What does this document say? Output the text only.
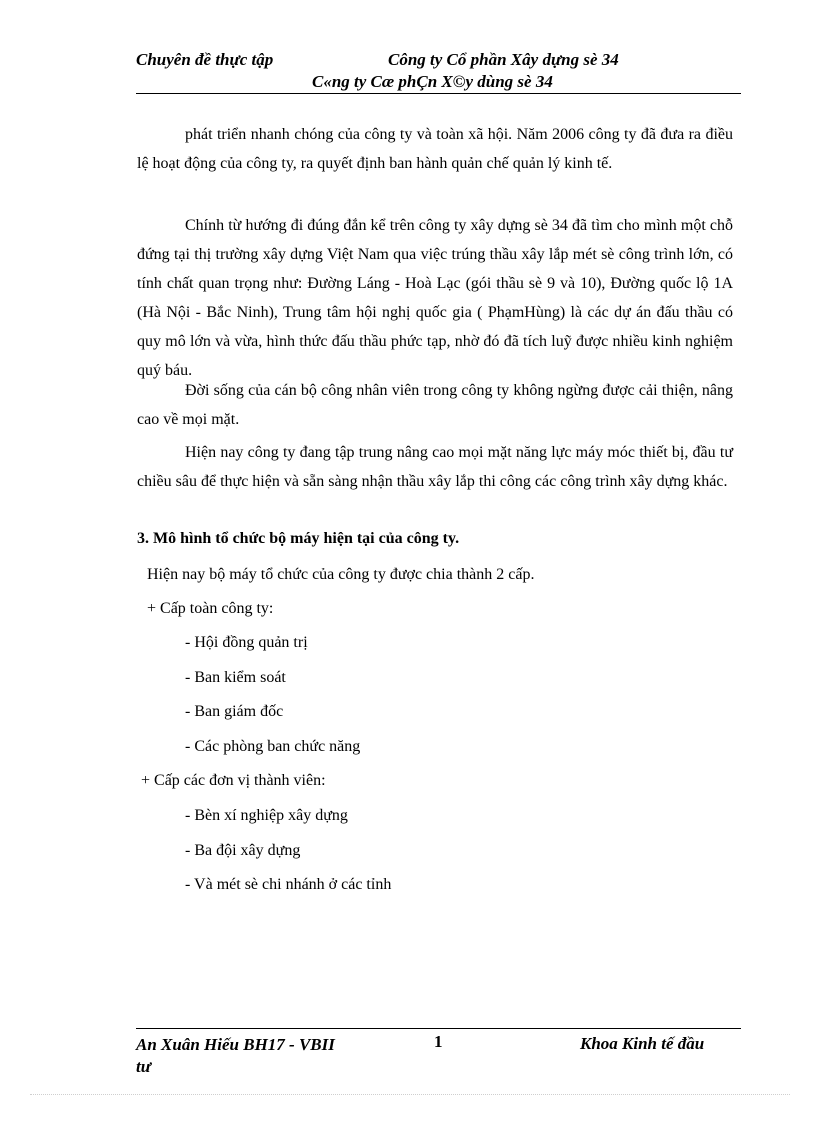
Chuyên đề thực tập	Công ty Cổ phần Xây dựng sè 34
C«ng ty Cæ phÇn X©y dùng sè 34

phát triển nhanh chóng của công ty và toàn xã hội. Năm 2006 công ty đã đưa ra điều lệ hoạt động của công ty, ra quyết định ban hành quản chế quản lý kinh tế.

Chính từ hướng đi đúng đắn kể trên công ty xây dựng sè 34 đã tìm cho mình một chỗ đứng tại thị trường xây dựng Việt Nam qua việc trúng thầu xây lắp mét sè công trình lớn, có tính chất quan trọng như: Đường Láng - Hoà Lạc (gói thầu sè 9 và 10), Đường quốc lộ 1A (Hà Nội - Bắc Ninh), Trung tâm hội nghị quốc gia ( PhạmHùng) là các dự án đấu thầu có quy mô lớn và vừa, hình thức đấu thầu phức tạp, nhờ đó đã tích luỹ được nhiều kinh nghiệm quý báu.

Đời sống của cán bộ công nhân viên trong công ty không ngừng được cải thiện, nâng cao về mọi mặt.

Hiện nay công ty đang tập trung nâng cao mọi mặt năng lực máy móc thiết bị, đầu tư chiều sâu để thực hiện và sẵn sàng nhận thầu xây lắp thi công các công trình xây dựng khác.

3. Mô hình tổ chức bộ máy hiện tại của công ty.
Hiện nay bộ máy tổ chức của công ty được chia thành 2 cấp.
+ Cấp toàn công ty:
- Hội đồng quản trị
- Ban kiểm soát
- Ban giám đốc
- Các phòng ban chức năng
+ Cấp các đơn vị thành viên:
- Bèn xí nghiệp xây dựng
- Ba đội xây dựng
- Và mét sè chi nhánh ở các tỉnh
An Xuân Hiếu BH17 - VBII
tư
1	Khoa Kinh tế đầu
